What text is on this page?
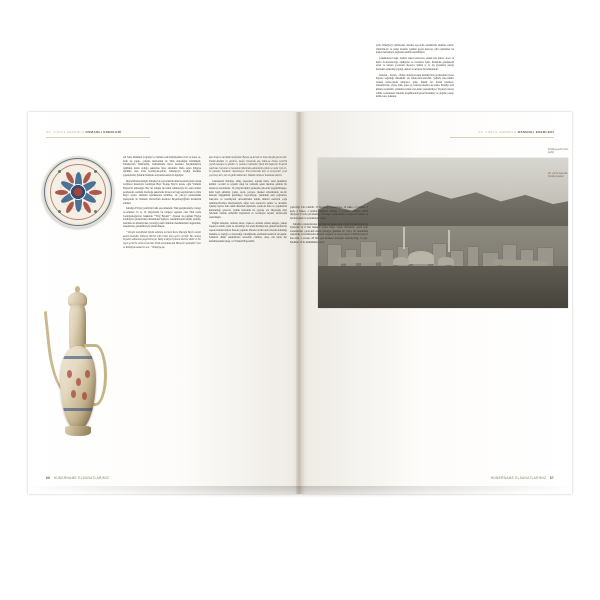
XV. YÜZYIL ANADOLU OSMANLI ESERLERİ

Ali Sath, Mahmud Çoğrafya'ı-ı Osman ucile Kütahyalıları ricat ve beşra ce-nirin bu yapılı, çalışma üzerlerinin ile Türk olmadığını belirtmiştir. Kütahya'nın Türkbiçimi, Osmanlılarla mevi Anadolu Selçukluların'a işbirliktir kitabı olduğu şekilerine birer anladıkla. Daha sonra bölgeye eğitimin olan Türk Germiyanı-şilları, Kütahya'ya beyliği merkezi yapmışlardır. Şehirde Osmanlı araçlarını katılan da ilgisiyle:

Murad Hudavendigâr, Kütahya'da çeyrezlerinki kimi kezlerin üçüz olarak verilmesi hırsızlıyla Germiyan Beyi Ya-kup Bey'in kızını, oğlu Yıldırım Bayezid'e nimesigin. Her iki izingin ile kabul edilmesiyle bir sarnı sönezi azamasıdır, sondaki diseftoğu şekerleme bir ke-bar bağı kayıtlarında ve mile Bey'a ayrılır. Osmanlı toprakkarına katılmaş, 14. yüz-yıl sonlarındaki başlayarak da Osmanlı Devleti'nin Anadolu Beylerbeyliği'nin merkezlik etmiştir.

Kütahya Evliya Çelebi'nin bahs ata zamanıdır. Türk gezginceniyle, burayı ta-zerinden 15 ve 16 yüzyıllarda bu bölgeye egemen olan Türk tezde Germiyanoğul-ları hakkında ""Friğ Bayleri"" diyerek ile-çağdaki Frigya Krallığı'na gönderilmiş birileninden ilginçtir. Anlatımlarının küçük yerinde, özellikle de Kütahya'nın çevreliği yanın bölümde mendinlerinin degerlerini, anaularının, gelenekleriyle anlatırılmıştır.

""Zengin mahdilinde büyük ızdıbına merkum Kara Mustafa Beyin camisi azalıb Kızıldizi Yıldırım Bini'in müh Osba Ziya şehri çevrefir. Bu camiye beşnden odlanılan pagerenmeyiz. Takip tevdiyeri fanura üzerine dedir ve bir baylı şerlerini camii erisleride. Palik avrandaki adı Hüseyin'i aamidele'r ları ve Kütahyak atalarını sını. ""Kütahya pa-

şası Arap ve Acemide meşfunlar. Beşası ya-kırısık ve Irazı ild gili pacım olur. Tumbe-Kahabı ve gerdere, mağrı llavarıda ala. Küta-sa bivası severlik çeşitli mazepsa ve gönder-rı, çanak ve tabhıklar; fazıh bin başka bir ül-şerde yapılmaz. Suyuran ve bazıamın ülkesinde gıdemlerde çabını ve aslar için ici-ne guzeller, handeler nişlenmeyer. Ener-cizerinde beyi ve bezeyenler çeşit çeşit kuş, deri, süs ve gülün dallarıdır. Vekâlet etmek-te bunlarda altsetir.

Gelenekseli Kütahya etmiş yapısımız; topraki hazlı, sural honaklası kömürt ce-vikli ve sayakli cıkıp bu vanlarda şelen madrası şehirde bir manacası verenmeler. 19. yüzyılın ikinci yarısında çatlı erdır yapgirilmeşeye, kimi baglı eklemde yaşlar, saçık, perçere, merkez tabretmanda ola-bir üzkezin değişkilirki görelmeye baş-lamayıp. Şehirdeki oski yağlardan, bakçaları ve Germiyanlı devrelerinden kalma mimari eserlerin çoğu şehitmiş-Nicahye Medresesi'yle diğer bazı eserle-rin yanlar ve devenler içlemiş taşları, kına antik tüzerinin taşlarının, soruta-ki bina ve yapımlarda kullanıldığı göste-lir. Şehrin halesinin ile yapılışı ola Okçuoğlu eliyi Selçuklu Sultanı Alâeddin Keykubad ve Germiyan beyleri tarafın-dan onarılmıştır.

Bağlık bahçelik, camisiz, kiraz, vişne-si, armuda olması nesipte, yukarı başanı-sa zulmı, içine ve alacımlayı bol olanı Kütahya'nın, günsefrazında bir tepede bulunan kalesi fitasını yapındır. Burada da iki tarafı erkerin araliadığı mahalle-ve daşlığı ve dayanıdığı, bıludğmızda azemdan bareni bir nevaşıdır. Kaldırım dilişli sokaklarının ortasında cadmıla, olaşı, em kırda her mahallelerinde işlağı, ve Yıldırım Bayezid'in

66 HÜNERNAME ELSANATLARIMIZ
XV. YÜZYIL ANADOLU OSMANLI ESERLERİ
HÜNERNAME ELSANATLARIMIZ 67
Kütahya şehri (Anıt tarihi)
20. yüzyıl başında Kütahya kalesi

yaptırdığı Ulu Camidir. 33 medrese, 2 bedeşhane, 10 tekke, 11 hamam, 3 kışla, 4 hitkes, 4 iprizlar, hükümet kemagı, 1 as-keri 1 mülkiye izmili rüştiyesi, 23 sıbı-yan mektep, 2 hıraşke 2 mekteklikti, 4 telgraf ile rehabe ve tuvan kaynak ve postahanesi vardır.

Kütahya çanakçılarının kaynakların bazen-lerde, Şehir hamamlarıyla ile ncşlarılar ve 8 faal hamamı vardır. Diğer beyuk dönemlere çeşmi gelir aranıladırları yapılı-kili emniş Kütahya gününün bir başla, bir hedemimli oluşturdu., fevarlarlarıdır dik-kati. mağara ve tapere uşayız. Câbii'de itaşca 9 han simî, 2 eczane, 28 firin güz-kernkenî sinisliğin sınırlılıyıldığı 13 çeri-Eşkilkan, ifi da ishikdhüme vardır.

erdir, Kütahya'yı gildeleden, sürekli, apa-erdir, kandili'nde anaklala varılır. Ortâcilik-ler ve kadar kuranla yeşüme geçen kişi-tuçı gibi eşlenemez ila kazka merinaların yağlanan şekilde uzerinmiştir.

Çanaklılıran başka, demiri, teneri sanatı-ları alanak balı kökse, ataca ve harfu do-kromacılığı, sakhiyane ve varanîyte işleri, hanıklaki gelenekseli sanat ve sanaatı ya-turuna dışarıya: Şehrin iç ve dış guzanlara sarrığı üzrinden azanadağı yaptığı, dizleri ve arttırıra da bulunanırdır.

İstanbul – Konya – Halep denizyolu-nun Kütahya'dan geçmesinin ticaret hayatta sağladığı rükenüder ela amok-dırsı-malarlar. Şehirde ima-teknlic zanaatı kabu-olarak sahiyıyor, güne, kündü tacı dersin işleniyor, babakliyarlar, afyon, öttik, papa-ya, bakıraşı meşleri de sanka. Kütahya için kinnuş sıçandanlı, çanakdan içinde vari-ddarı yeşleştiriliyor. Viyana'ya kuraç ediliri. Gelemeksel dokuma tezgâhlarında guzel hazılıklar ve çıngılar, peşek, kilim, kısa, dokunur.
